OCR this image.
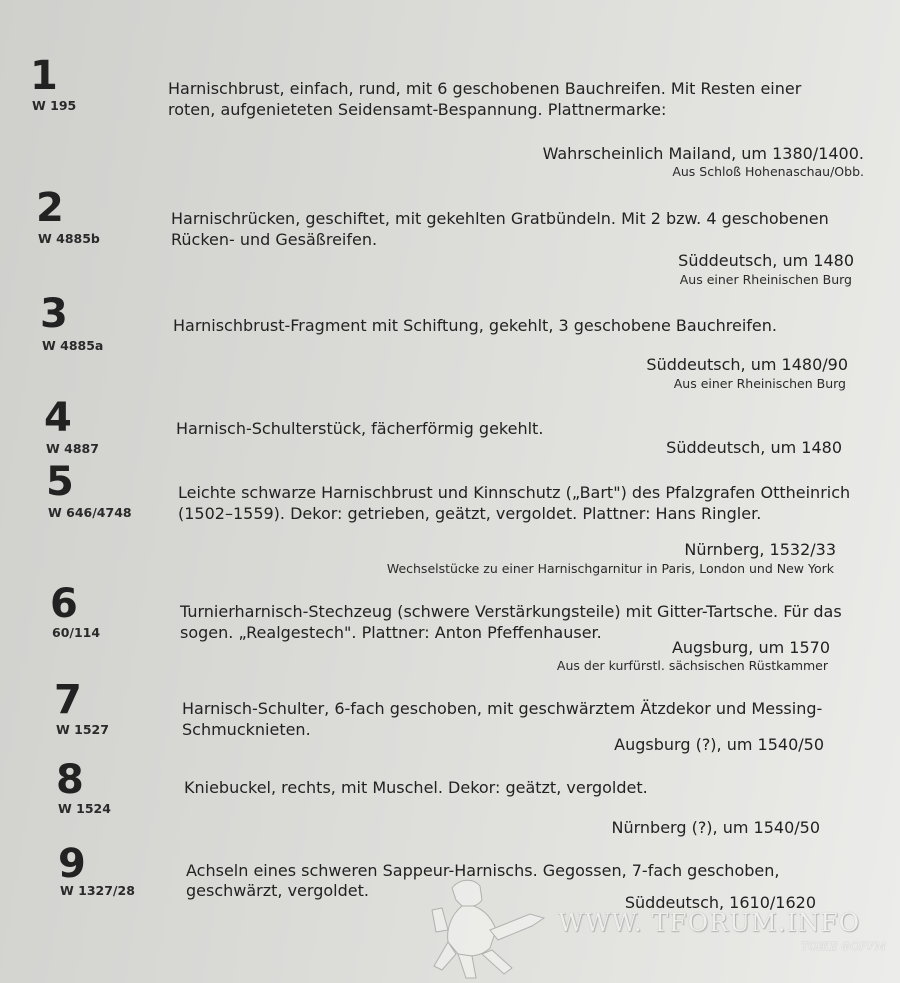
1
W 195
Harnischbrust, einfach, rund, mit 6 geschobenen Bauchreifen. Mit Resten einer
roten, aufgenieteten Seidensamt-Bespannung. Plattnermarke:
Wahrscheinlich Mailand, um 1380/1400.
Aus Schloß Hohenaschau/Obb.
2
W 4885b
Harnischrücken, geschiftet, mit gekehlten Gratbündeln. Mit 2 bzw. 4 geschobenen
Rücken- und Gesäßreifen.
Süddeutsch, um 1480
Aus einer Rheinischen Burg
3
W 4885a
Harnischbrust-Fragment mit Schiftung, gekehlt, 3 geschobene Bauchreifen.
Süddeutsch, um 1480/90
Aus einer Rheinischen Burg
4
W 4887
Harnisch-Schulterstück, fächerförmig gekehlt.
Süddeutsch, um 1480
5
W 646/4748
Leichte schwarze Harnischbrust und Kinnschutz („Bart") des Pfalzgrafen Ottheinrich
(1502–1559). Dekor: getrieben, geätzt, vergoldet. Plattner: Hans Ringler.
Nürnberg, 1532/33
Wechselstücke zu einer Harnischgarnitur in Paris, London und New York
6
60/114
Turnierharnisch-Stechzeug (schwere Verstärkungsteile) mit Gitter-Tartsche. Für das
sogen. „Realgestech". Plattner: Anton Pfeffenhauser.
Augsburg, um 1570
Aus der kurfürstl. sächsischen Rüstkammer
7
W 1527
Harnisch-Schulter, 6-fach geschoben, mit geschwärztem Ätzdekor und Messing-
Schmucknieten.
Augsburg (?), um 1540/50
8
W 1524
Kniebuckel, rechts, mit Muschel. Dekor: geätzt, vergoldet.
Nürnberg (?), um 1540/50
9
W 1327/28
Achseln eines schweren Sappeur-Harnischs. Gegossen, 7-fach geschoben,
geschwärzt, vergoldet.
Süddeutsch, 1610/1620
WWW. TFORUM.INFO
ТОЖЕ ФОРУМ
